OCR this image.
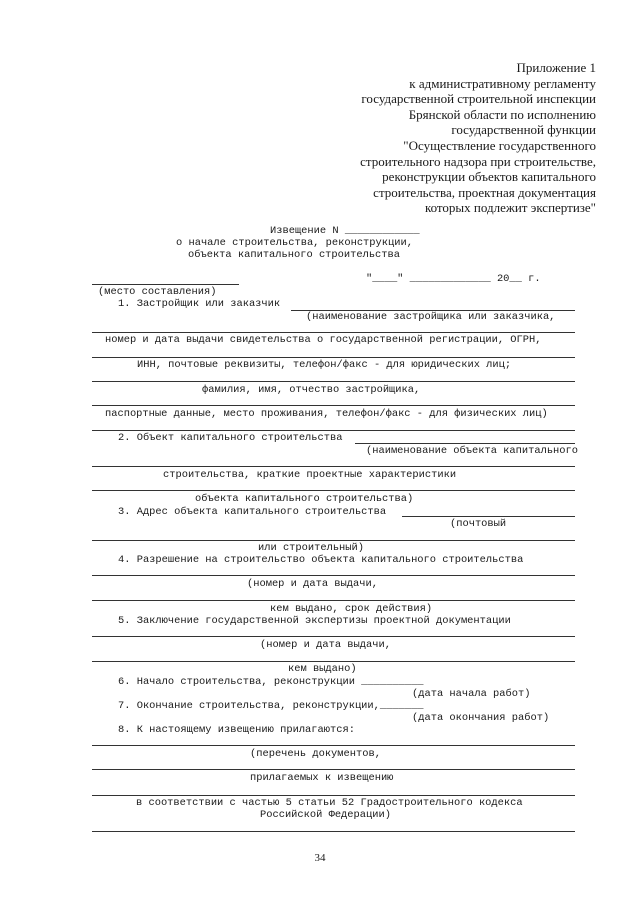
Приложение 1
к административному регламенту
государственной строительной инспекции
Брянской области по исполнению
государственной функции
"Осуществление государственного
строительного надзора при строительстве,
реконструкции объектов капитального
строительства, проектная документация
которых подлежит экспертизе"
Извещение N ____________
о начале строительства, реконструкции,
объекта капитального строительства
"____" _____________ 20__ г.
(место составления)
1. Застройщик или заказчик
(наименование застройщика или заказчика,
номер и дата выдачи свидетельства о государственной регистрации, ОГРН,
ИНН, почтовые реквизиты, телефон/факс - для юридических лиц;
фамилия, имя, отчество застройщика,
паспортные данные, место проживания, телефон/факс - для физических лиц)
2. Объект капитального строительства
(наименование объекта капитального
строительства, краткие проектные характеристики
объекта капитального строительства)
3. Адрес объекта капитального строительства
(почтовый
или строительный)
4. Разрешение на строительство объекта капитального строительства
(номер и дата выдачи,
кем выдано, срок действия)
5. Заключение государственной экспертизы проектной документации
(номер и дата выдачи,
кем выдано)
6. Начало строительства, реконструкции __________
(дата начала работ)
7. Окончание строительства, реконструкции,_______
(дата окончания работ)
8. К настоящему извещению прилагаются:
(перечень документов,
прилагаемых к извещению
в соответствии с частью 5 статьи 52 Градостроительного кодекса
Российской Федерации)
34
